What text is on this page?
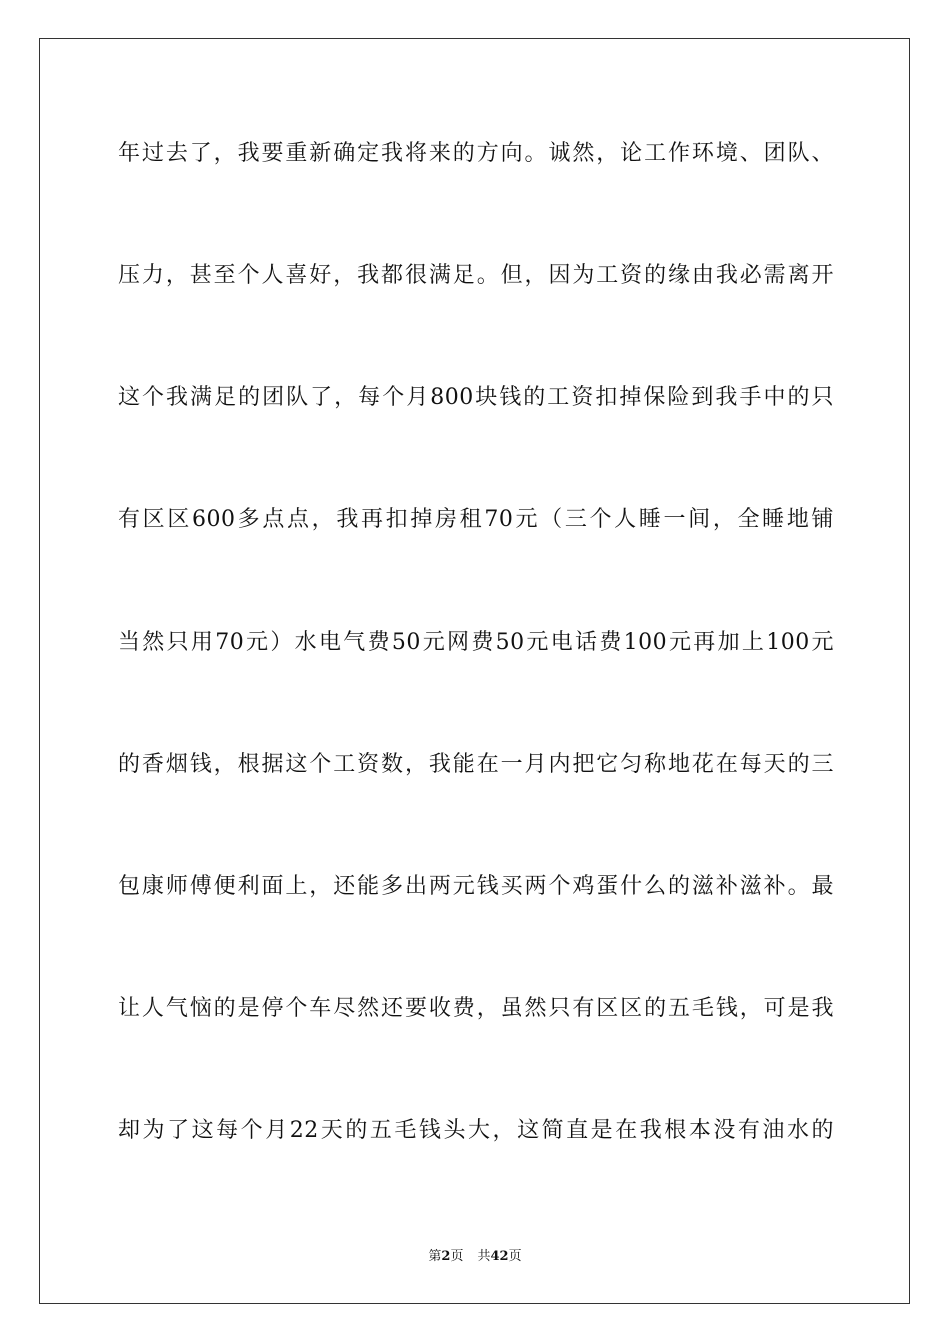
年过去了，我要重新确定我将来的方向。诚然，论工作环境、团队、
压力，甚至个人喜好，我都很满足。但，因为工资的缘由我必需离开
这个我满足的团队了，每个月800块钱的工资扣掉保险到我手中的只
有区区600多点点，我再扣掉房租70元（三个人睡一间，全睡地铺
当然只用70元）水电气费50元网费50元电话费100元再加上100元
的香烟钱，根据这个工资数，我能在一月内把它匀称地花在每天的三
包康师傅便利面上，还能多出两元钱买两个鸡蛋什么的滋补滋补。最
让人气恼的是停个车尽然还要收费，虽然只有区区的五毛钱，可是我
却为了这每个月22天的五毛钱头大，这简直是在我根本没有油水的
第2页 共42页
